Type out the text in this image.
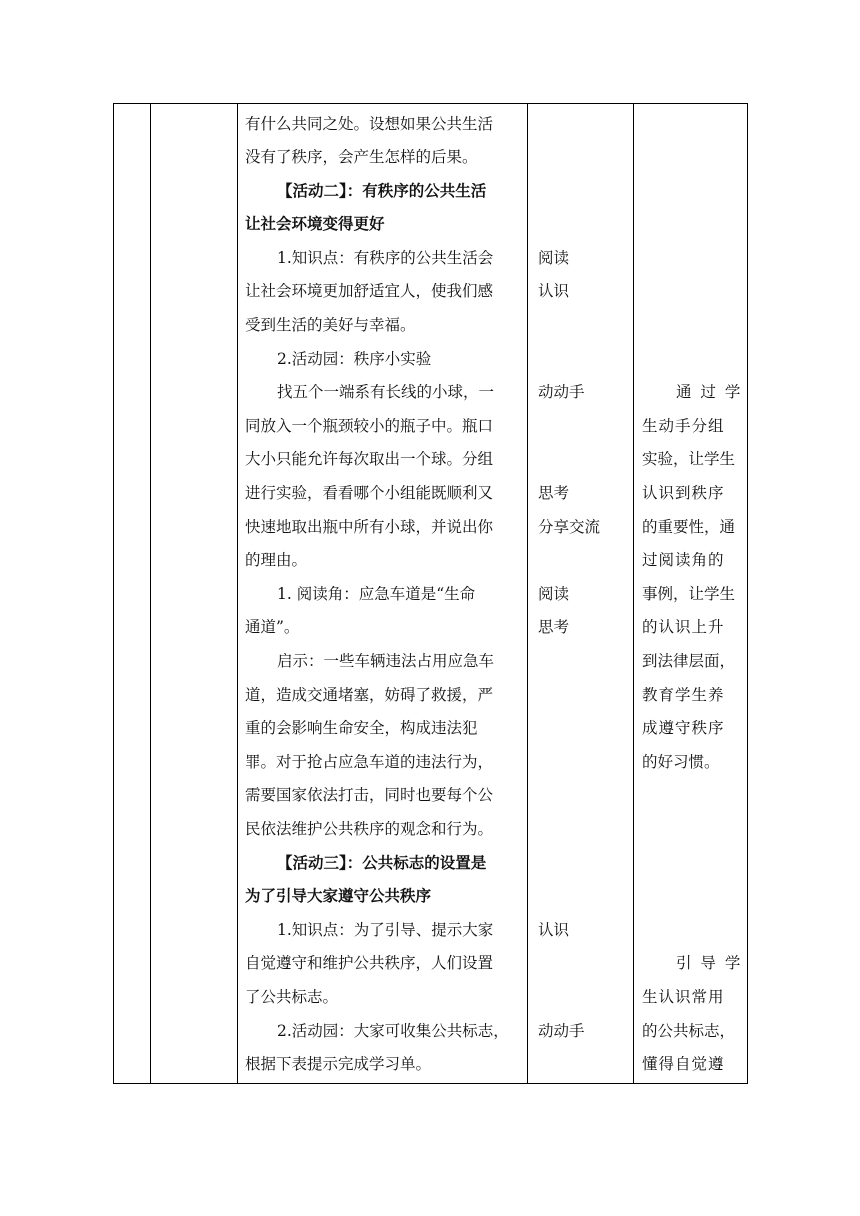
有什么共同之处。设想如果公共生活
没有了秩序，会产生怎样的后果。
【活动二】：有秩序的公共生活
让社会环境变得更好
1.知识点：有秩序的公共生活会
让社会环境更加舒适宜人，使我们感
受到生活的美好与幸福。
2.活动园：秩序小实验
找五个一端系有长线的小球，一
同放入一个瓶颈较小的瓶子中。瓶口
大小只能允许每次取出一个球。分组
进行实验，看看哪个小组能既顺利又
快速地取出瓶中所有小球，并说出你
的理由。
1. 阅读角：应急车道是“生命
通道”。
启示：一些车辆违法占用应急车
道，造成交通堵塞，妨碍了救援，严
重的会影响生命安全，构成违法犯
罪。对于抢占应急车道的违法行为，
需要国家依法打击，同时也要每个公
民依法维护公共秩序的观念和行为。
【活动三】：公共标志的设置是
为了引导大家遵守公共秩序
1.知识点：为了引导、提示大家
自觉遵守和维护公共秩序，人们设置
了公共标志。
2.活动园：大家可收集公共标志，
根据下表提示完成学习单。
阅读
认识
动动手
思考
分享交流
阅读
思考
认识
动动手
通 过 学
生动手分组
实验，让学生
认识到秩序
的重要性，通
过阅读角的
事例，让学生
的认识上升
到法律层面，
教育学生养
成遵守秩序
的好习惯。
引 导 学
生认识常用
的公共标志，
懂得自觉遵
